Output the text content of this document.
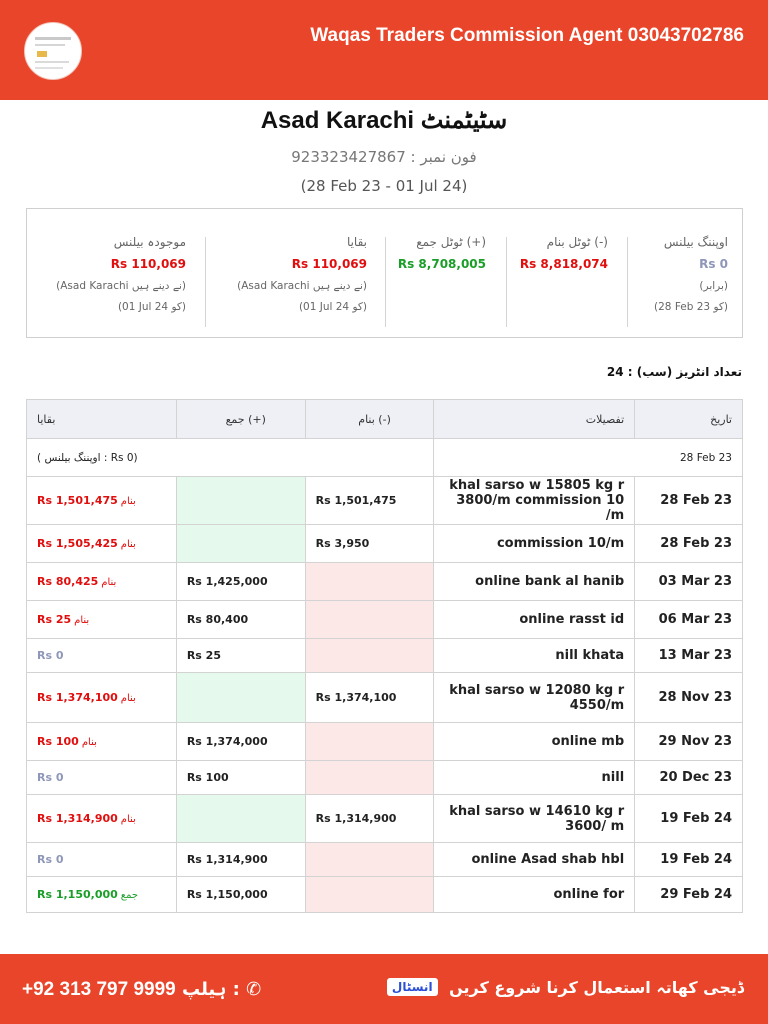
Waqas Traders Commission Agent 03043702786
Asad Karachi سٹیٹمنٹ
فون نمبر : 923323427867
(28 Feb 23 - 01 Jul 24)
اوپننگ بیلنس
Rs 0
(برابر)
(28 Feb 23 کو)
ٹوٹل بنام (-)
Rs 8,818,074
ٹوٹل جمع (+)
Rs 8,708,005
بقایا
Rs 110,069
(Asad Karachi نے دینے ہیں)
(01 Jul 24 کو)
موجودہ بیلنس
Rs 110,069
(Asad Karachi نے دینے ہیں)
(01 Jul 24 کو)
تعداد انٹریز (سب) : 24
بقایا	جمع (+)	بنام (-)	تفصیلات	تاریخ
( اوپننگ بیلنس : Rs 0)			28 Feb 23	
Rs 1,501,475 بنام		Rs 1,501,475	khal sarso w 15805 kg r 3800/m commission 10 /m	28 Feb 23
Rs 1,505,425 بنام		Rs 3,950	commission 10/m	28 Feb 23
Rs 80,425 بنام	Rs 1,425,000		online bank al hanib	03 Mar 23
Rs 25 بنام	Rs 80,400		online rasst id	06 Mar 23
Rs 0	Rs 25		nill khata	13 Mar 23
Rs 1,374,100 بنام		Rs 1,374,100	khal sarso w 12080 kg r 4550/m	28 Nov 23
Rs 100 بنام	Rs 1,374,000		online mb	29 Nov 23
Rs 0	Rs 100		nill	20 Dec 23
Rs 1,314,900 بنام		Rs 1,314,900	khal sarso w 14610 kg r 3600/ m	19 Feb 24
Rs 0	Rs 1,314,900		online Asad shab hbl	19 Feb 24
Rs 1,150,000 جمع	Rs 1,150,000		online for	29 Feb 24
+92 313 797 9999 ہیلپ : ✆	انسٹال ڈیجی کھاتہ استعمال کرنا شروع کریں
